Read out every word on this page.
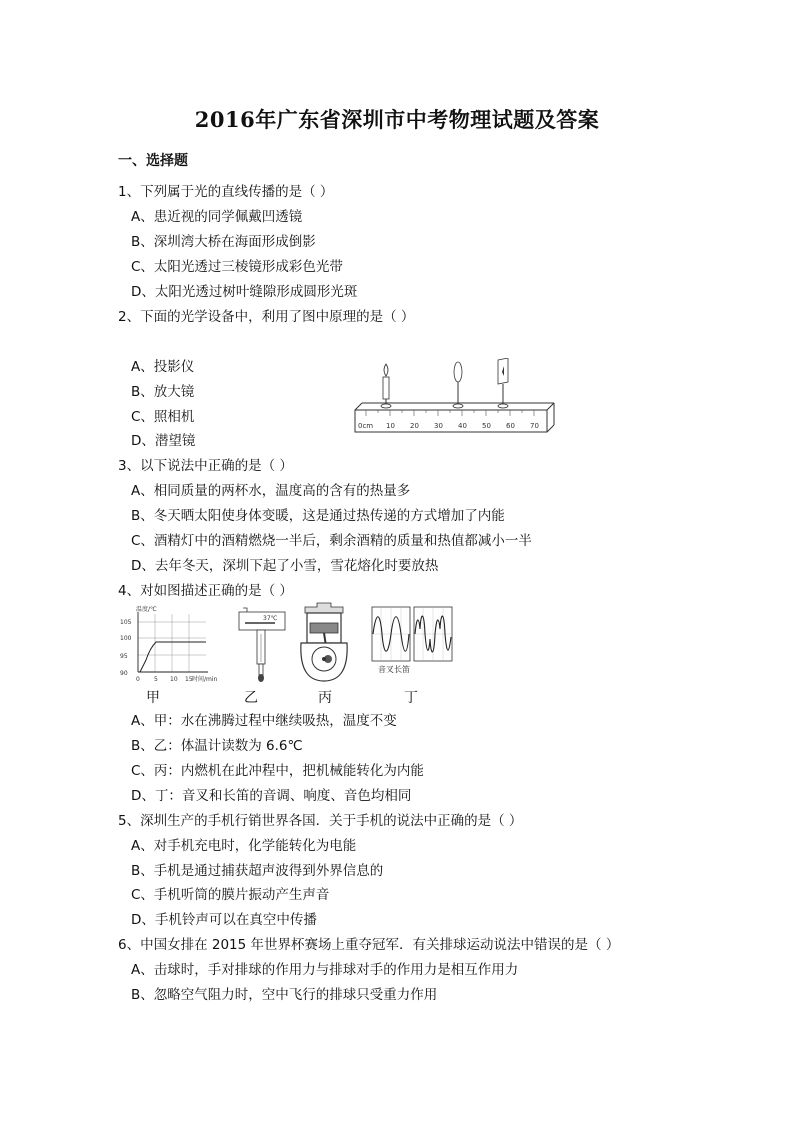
2016年广东省深圳市中考物理试题及答案
一、选择题
1、下列属于光的直线传播的是（ ）
A、患近视的同学佩戴凹透镜
B、深圳湾大桥在海面形成倒影
C、太阳光透过三棱镜形成彩色光带
D、太阳光透过树叶缝隙形成圆形光斑
2、下面的光学设备中，利用了图中原理的是（ ）
A、投影仪
B、放大镜
C、照相机
D、潜望镜
0cm 10 20 30 40 50 60 70
3、以下说法中正确的是（ ）
A、相同质量的两杯水，温度高的含有的热量多
B、冬天晒太阳使身体变暖，这是通过热传递的方式增加了内能
C、酒精灯中的酒精燃烧一半后，剩余酒精的质量和热值都减小一半
D、去年冬天，深圳下起了小雪，雪花熔化时要放热
4、对如图描述正确的是（ ）
温度/℃
105
100
95
90
0 5 10 15 时间/min
37℃
音叉长笛
甲	乙	丙	丁
A、甲：水在沸腾过程中继续吸热，温度不变
B、乙：体温计读数为 6.6℃
C、丙：内燃机在此冲程中，把机械能转化为内能
D、丁：音叉和长笛的音调、响度、音色均相同
5、深圳生产的手机行销世界各国．关于手机的说法中正确的是（ ）
A、对手机充电时，化学能转化为电能
B、手机是通过捕获超声波得到外界信息的
C、手机听筒的膜片振动产生声音
D、手机铃声可以在真空中传播
6、中国女排在 2015 年世界杯赛场上重夺冠军．有关排球运动说法中错误的是（ ）
A、击球时，手对排球的作用力与排球对手的作用力是相互作用力
B、忽略空气阻力时，空中飞行的排球只受重力作用
